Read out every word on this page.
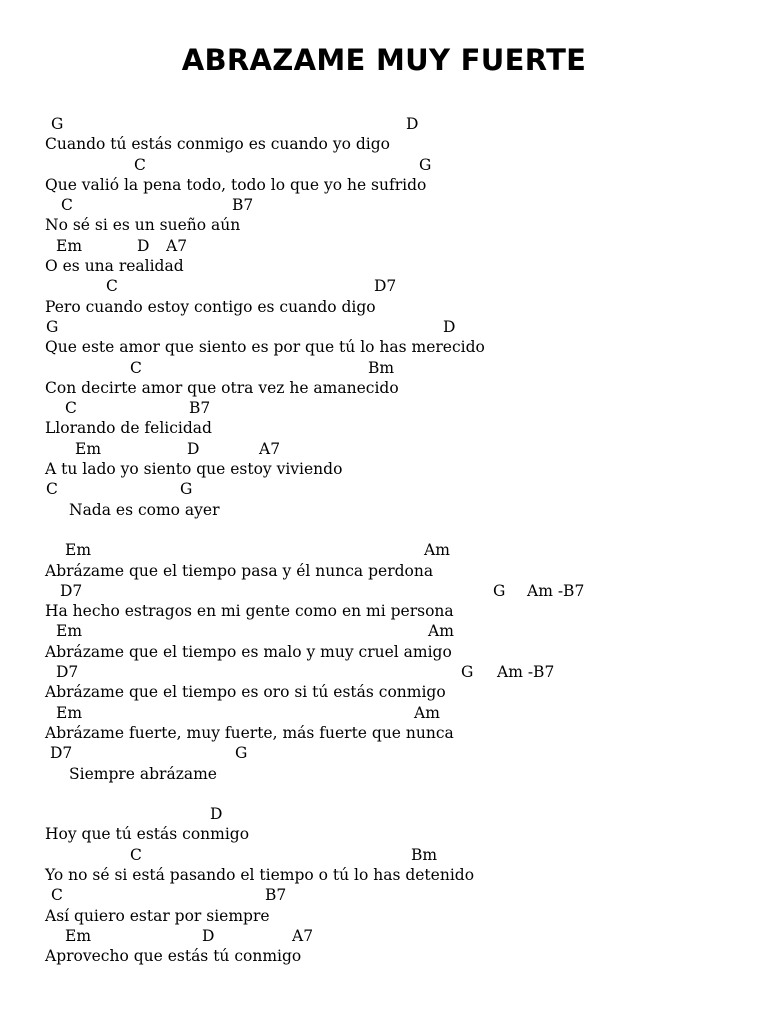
ABRAZAME MUY FUERTE
G	D
Cuando tú estás conmigo es cuando yo digo
C	G
Que valió la pena todo, todo lo que yo he sufrido
C	B7
No sé si es un sueño aún
Em	D A7
O es una realidad
C	D7
Pero cuando estoy contigo es cuando digo
G	D
Que este amor que siento es por que tú lo has merecido
C	Bm
Con decirte amor que otra vez he amanecido
C	B7
Llorando de felicidad
Em	D	A7
A tu lado yo siento que estoy viviendo
C	G
Nada es como ayer
Em	Am
Abrázame que el tiempo pasa y él nunca perdona
D7	G Am -B7
Ha hecho estragos en mi gente como en mi persona
Em	Am
Abrázame que el tiempo es malo y muy cruel amigo
D7	G Am -B7
Abrázame que el tiempo es oro si tú estás conmigo
Em	Am
Abrázame fuerte, muy fuerte, más fuerte que nunca
D7	G
Siempre abrázame
D
Hoy que tú estás conmigo
C	Bm
Yo no sé si está pasando el tiempo o tú lo has detenido
C	B7
Así quiero estar por siempre
Em	D	A7
Aprovecho que estás tú conmigo
